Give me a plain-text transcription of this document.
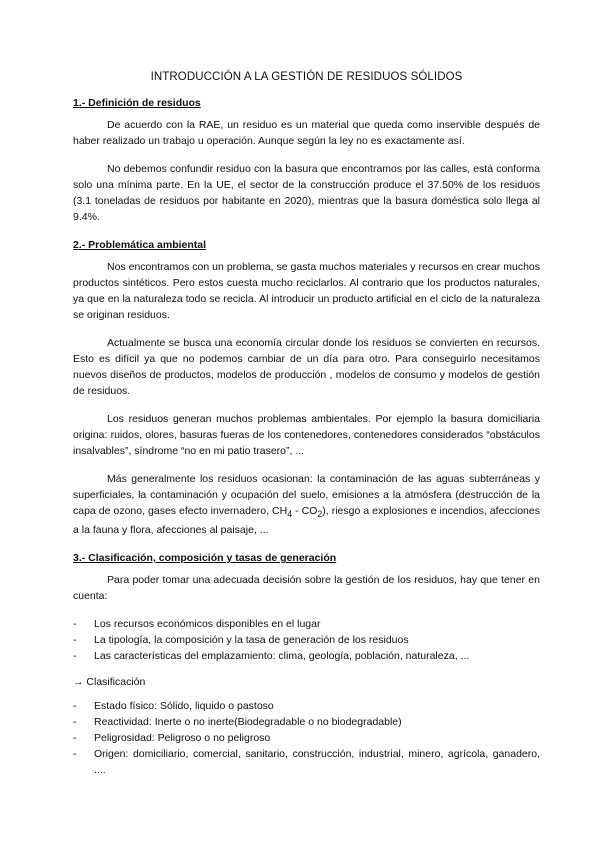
INTRODUCCIÓN A LA GESTIÓN DE RESIDUOS SÓLIDOS
1.- Definición de residuos

De acuerdo con la RAE, un residuo es un material que queda como inservible después de haber realizado un trabajo u operación. Aunque según la ley no es exactamente así.

No debemos confundir residuo con la basura que encontramos por las calles, está conforma solo una mínima parte. En la UE, el sector de la construcción produce el 37.50% de los residuos (3.1 toneladas de residuos por habitante en 2020), mientras que la basura doméstica solo llega al 9.4%.

2.- Problemática ambiental

Nos encontramos con un problema, se gasta muchos materiales y recursos en crear muchos productos sintéticos. Pero estos cuesta mucho reciclarlos. Al contrario que los productos naturales, ya que en la naturaleza todo se recicla. Al introducir un producto artificial en el ciclo de la naturaleza se originan residuos.

Actualmente se busca una economía circular donde los residuos se convierten en recursos. Esto es difícil ya que no podemos cambiar de un día para otro. Para conseguirlo necesitamos nuevos diseños de productos, modelos de producción , modelos de consumo y modelos de gestión de residuos.

Los residuos generan muchos problemas ambientales. Por ejemplo la basura domiciliaria origina: ruidos, olores, basuras fueras de los contenedores, contenedores considerados “obstáculos insalvables”, síndrome “no en mi patio trasero”, ...

Más generalmente los residuos ocasionan: la contaminación de las aguas subterráneas y superficiales, la contaminación y ocupación del suelo, emisiones a la atmósfera (destrucción de la capa de ozono, gases efecto invernadero, $CH_4 - CO_2$), riesgo a explosiones e incendios, afecciones a la fauna y flora, afecciones al paisaje, ...

3.- Clasificación, composición y tasas de generación

Para poder tomar una adecuada decisión sobre la gestión de los residuos, hay que tener en cuenta:

- Los recursos económicos disponibles en el lugar
- La tipología, la composición y la tasa de generación de los residuos
- Las características del emplazamiento: clima, geología, población, naturaleza, ...
→ Clasificación
- Estado físico: Sólido, liquido o pastoso
- Reactividad: Inerte o no inerte(Biodegradable o no biodegradable)
- Peligrosidad: Peligroso o no peligroso
- Origen: domiciliario, comercial, sanitario, construcción, industrial, minero, agrícola, ganadero, ....
